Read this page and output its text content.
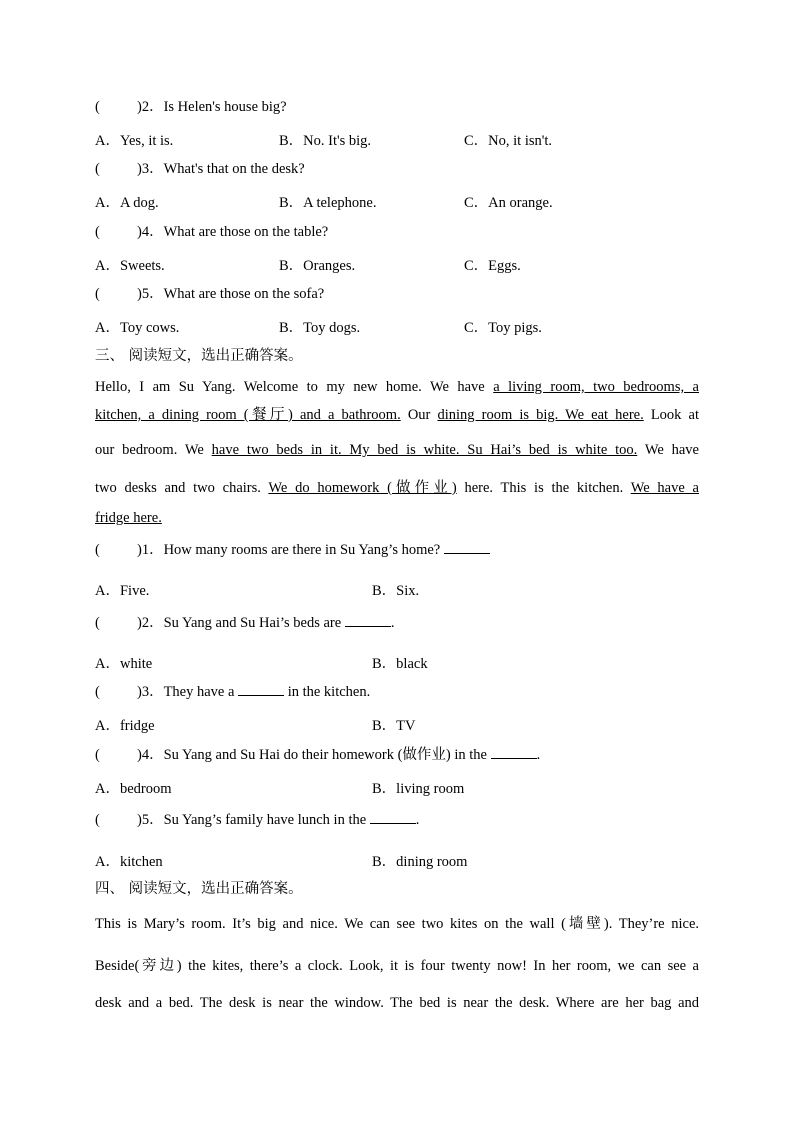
(	)2．Is Helen's house big?
A．Yes, it is.	B．No. It's big.	C．No, it isn't.
(	)3．What's that on the desk?
A．A dog.	B．A telephone.	C．An orange.
(	)4．What are those on the table?
A．Sweets.	B．Oranges.	C．Eggs.
(	)5．What are those on the sofa?
A．Toy cows.	B．Toy dogs.	C．Toy pigs.
三、 阅读短文，选出正确答案。
Hello, I am Su Yang. Welcome to my new home. We have a living room, two bedrooms, a
kitchen, a dining room (餐厅) and a bathroom. Our dining room is big. We eat here. Look at
our bedroom. We have two beds in it. My bed is white. Su Hai’s bed is white too. We have
two desks and two chairs. We do homework (做作业) here. This is the kitchen. We have a
fridge here.
(	)1．How many rooms are there in Su Yang’s home?
A．Five.	B．Six.
(	)2．Su Yang and Su Hai’s beds are	.
A．white	B．black
(	)3．They have a	in the kitchen.
A．fridge	B．TV
(	)4．Su Yang and Su Hai do their homework (做作业) in the	.
A．bedroom	B．living room
(	)5．Su Yang’s family have lunch in the	.
A．kitchen	B．dining room
四、 阅读短文，选出正确答案。
This is Mary’s room. It’s big and nice. We can see two kites on the wall (墙壁). They’re nice.
Beside(旁边) the kites, there’s a clock. Look, it is four twenty now! In her room, we can see a
desk and a bed. The desk is near the window. The bed is near the desk. Where are her bag and
